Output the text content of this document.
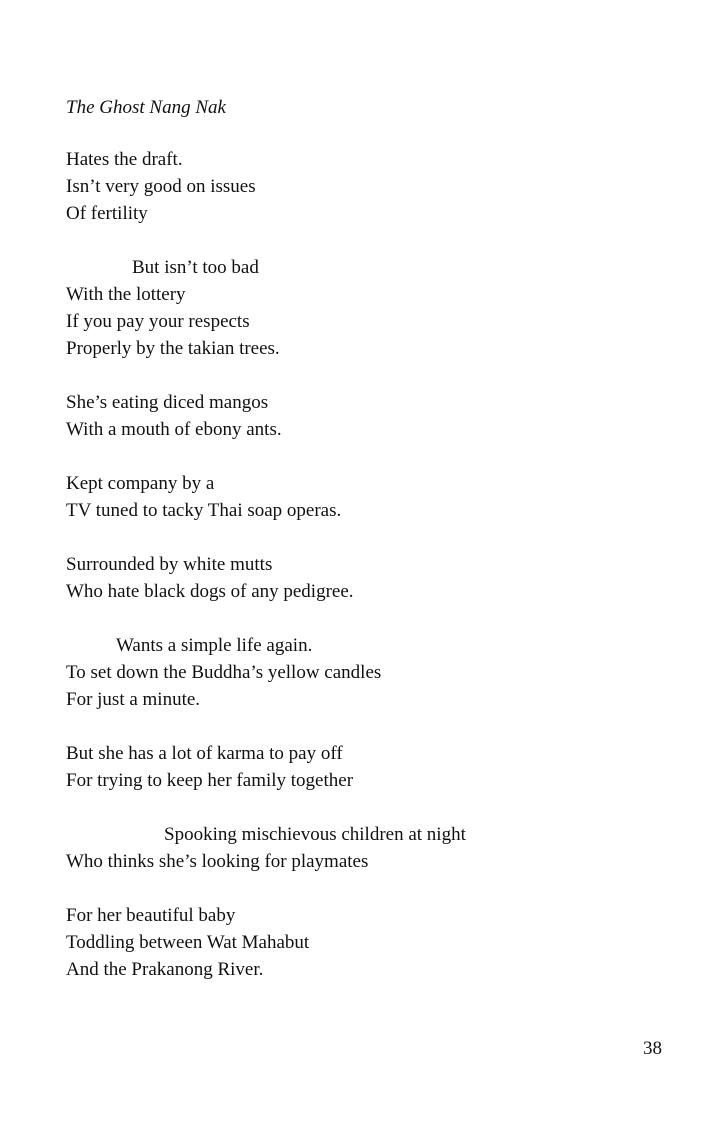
The Ghost Nang Nak
Hates the draft.
Isn’t very good on issues
Of fertility
But isn’t too bad
With the lottery
If you pay your respects
Properly by the takian trees.
She’s eating diced mangos
With a mouth of ebony ants.
Kept company by a
TV tuned to tacky Thai soap operas.
Surrounded by white mutts
Who hate black dogs of any pedigree.
Wants a simple life again.
To set down the Buddha’s yellow candles
For just a minute.
But she has a lot of karma to pay off
For trying to keep her family together
Spooking mischievous children at night
Who thinks she’s looking for playmates
For her beautiful baby
Toddling between Wat Mahabut
And the Prakanong River.
38
